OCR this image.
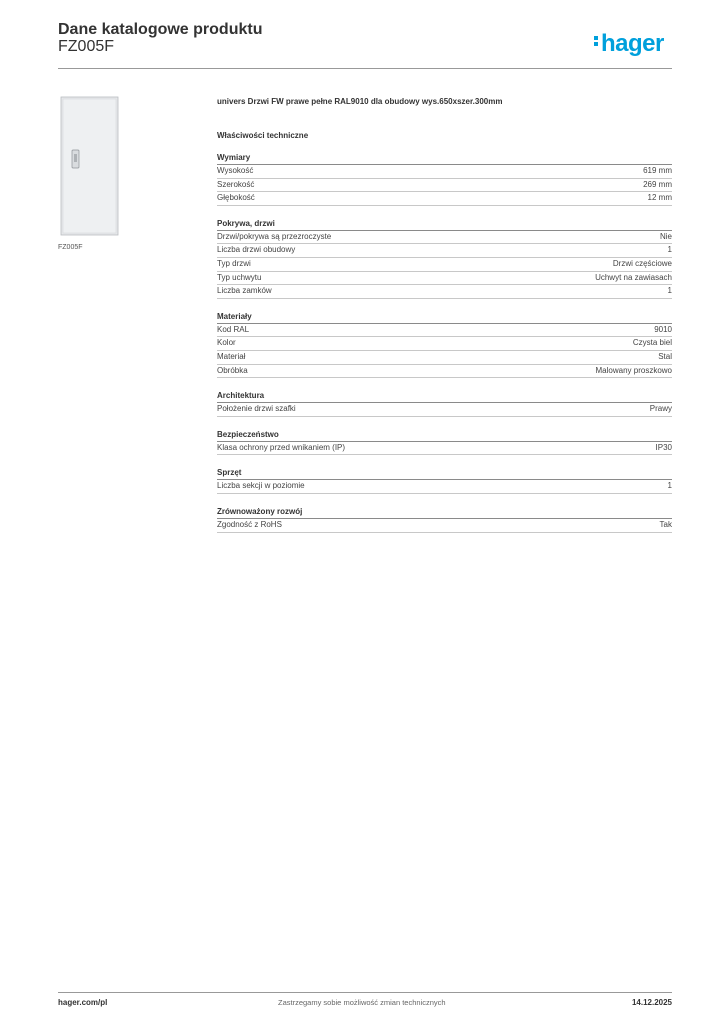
Dane katalogowe produktu
FZ005F	hager
FZ005F
univers Drzwi FW prawe pełne RAL9010 dla obudowy wys.650xszer.300mm
Właściwości techniczne
Wymiary
Wysokość	619 mm
Szerokość	269 mm
Głębokość	12 mm
Pokrywa, drzwi
Drzwi/pokrywa są przezroczyste	Nie
Liczba drzwi obudowy	1
Typ drzwi	Drzwi częściowe
Typ uchwytu	Uchwyt na zawiasach
Liczba zamków	1
Materiały
Kod RAL	9010
Kolor	Czysta biel
Materiał	Stal
Obróbka	Malowany proszkowo
Architektura
Położenie drzwi szafki	Prawy
Bezpieczeństwo
Klasa ochrony przed wnikaniem (IP)	IP30
Sprzęt
Liczba sekcji w poziomie	1
Zrównoważony rozwój
Zgodność z RoHS	Tak
hager.com/pl	Zastrzegamy sobie możliwość zmian technicznych	14.12.2025
